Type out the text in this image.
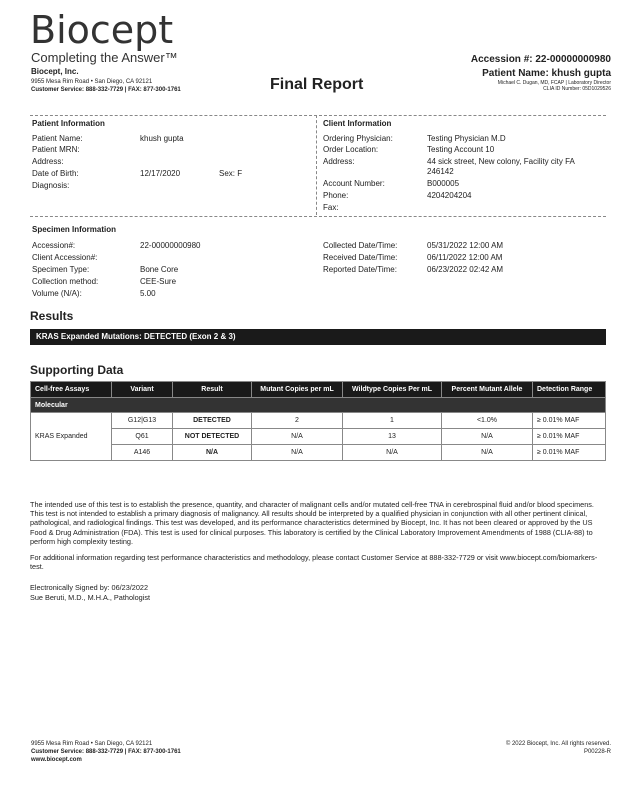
Biocept
Completing the Answer™
Biocept, Inc.
9955 Mesa Rim Road • San Diego, CA 92121
Customer Service: 888-332-7729 | FAX: 877-300-1761	Final Report
Accession #: 22-00000000980
Patient Name: khush gupta
Michael C. Dugan, MD, FCAP | Laboratory Director
CLIA ID Number: 05D1029526
Patient Information
Patient Name:	khush gupta
Patient MRN:
Address:
Date of Birth:	12/17/2020	Sex: F
Diagnosis:
Client Information
Ordering Physician:	Testing Physician M.D
Order Location:	Testing Account 10
Address:	44 sick street, New colony, Facility city FA
246142
Account Number:	B000005
Phone:	4204204204
Fax:
Specimen Information
Accession#:	22-00000000980
Client Accession#:
Specimen Type:	Bone Core
Collection method:	CEE-Sure
Volume (N/A):	5.00
Collected Date/Time:	05/31/2022 12:00 AM
Received Date/Time:	06/11/2022 12:00 AM
Reported Date/Time:	06/23/2022 02:42 AM
Results
KRAS Expanded Mutations: DETECTED (Exon 2 & 3)
Supporting Data
Cell-free Assays	Variant	Result	Mutant Copies per mL	Wildtype Copies Per mL	Percent Mutant Allele	Detection Range
Molecular						
KRAS Expanded	G12|G13	DETECTED	2	1	<1.0%	≥ 0.01% MAF
	Q61	NOT DETECTED	N/A	13	N/A	≥ 0.01% MAF
	A146	N/A	N/A	N/A	N/A	≥ 0.01% MAF
The intended use of this test is to establish the presence, quantity, and character of malignant cells and/or mutated cell-free TNA in cerebrospinal fluid and/or blood specimens. This test is not intended to establish a primary diagnosis of malignancy. All results should be interpreted by a qualified physician in conjunction with all other pertinent clinical, pathological, and radiological findings. This test was developed, and its performance characteristics determined by Biocept, Inc. It has not been cleared or approved by the US Food & Drug Administration (FDA). This test is used for clinical purposes. This laboratory is certified by the Clinical Laboratory Improvement Amendments of 1988 (CLIA-88) to perform high complexity testing.
For additional information regarding test performance characteristics and methodology, please contact Customer Service at 888-332-7729 or visit www.biocept.com/biomarkers-test.
Electronically Signed by: 06/23/2022
Sue Beruti, M.D., M.H.A., Pathologist
9955 Mesa Rim Road • San Diego, CA 92121
Customer Service: 888-332-7729 | FAX: 877-300-1761
www.biocept.com
© 2022 Biocept, Inc. All rights reserved.
P00228-R
